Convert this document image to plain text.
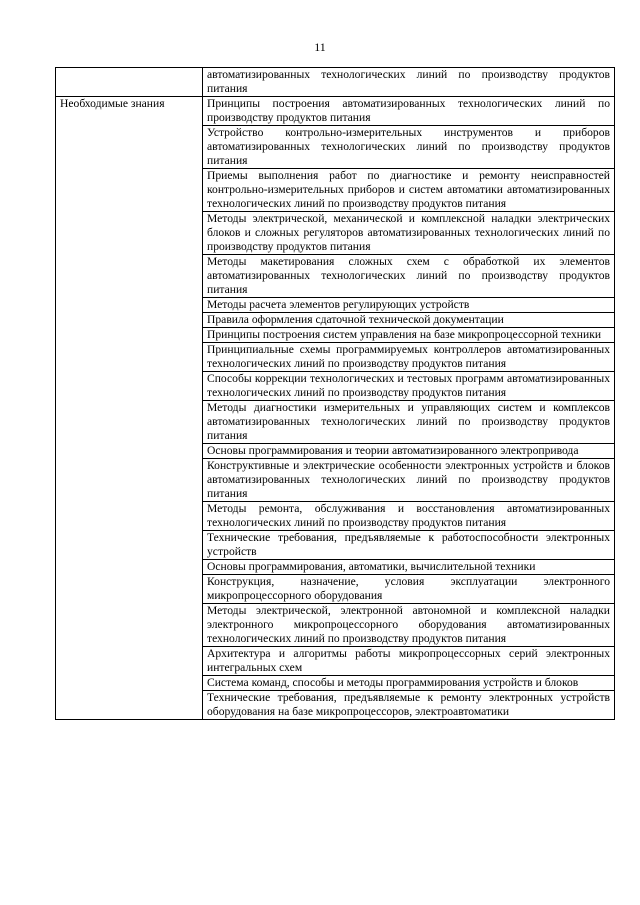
11
	автоматизированных технологических линий по производству продуктов питания
Необходимые знания	Принципы построения автоматизированных технологических линий по производству продуктов питания
	Устройство контрольно-измерительных инструментов и приборов автоматизированных технологических линий по производству продуктов питания
	Приемы выполнения работ по диагностике и ремонту неисправностей контрольно-измерительных приборов и систем автоматики автоматизированных технологических линий по производству продуктов питания
	Методы электрической, механической и комплексной наладки электрических блоков и сложных регуляторов автоматизированных технологических линий по производству продуктов питания
	Методы макетирования сложных схем с обработкой их элементов автоматизированных технологических линий по производству продуктов питания
	Методы расчета элементов регулирующих устройств
	Правила оформления сдаточной технической документации
	Принципы построения систем управления на базе микропроцессорной техники
	Принципиальные схемы программируемых контроллеров автоматизированных технологических линий по производству продуктов питания
	Способы коррекции технологических и тестовых программ автоматизированных технологических линий по производству продуктов питания
	Методы диагностики измерительных и управляющих систем и комплексов автоматизированных технологических линий по производству продуктов питания
	Основы программирования и теории автоматизированного электропривода
	Конструктивные и электрические особенности электронных устройств и блоков автоматизированных технологических линий по производству продуктов питания
	Методы ремонта, обслуживания и восстановления автоматизированных технологических линий по производству продуктов питания
	Технические требования, предъявляемые к работоспособности электронных устройств
	Основы программирования, автоматики, вычислительной техники
	Конструкция, назначение, условия эксплуатации электронного микропроцессорного оборудования
	Методы электрической, электронной автономной и комплексной наладки электронного микропроцессорного оборудования автоматизированных технологических линий по производству продуктов питания
	Архитектура и алгоритмы работы микропроцессорных серий электронных интегральных схем
	Система команд, способы и методы программирования устройств и блоков
	Технические требования, предъявляемые к ремонту электронных устройств оборудования на базе микропроцессоров, электроавтоматики
